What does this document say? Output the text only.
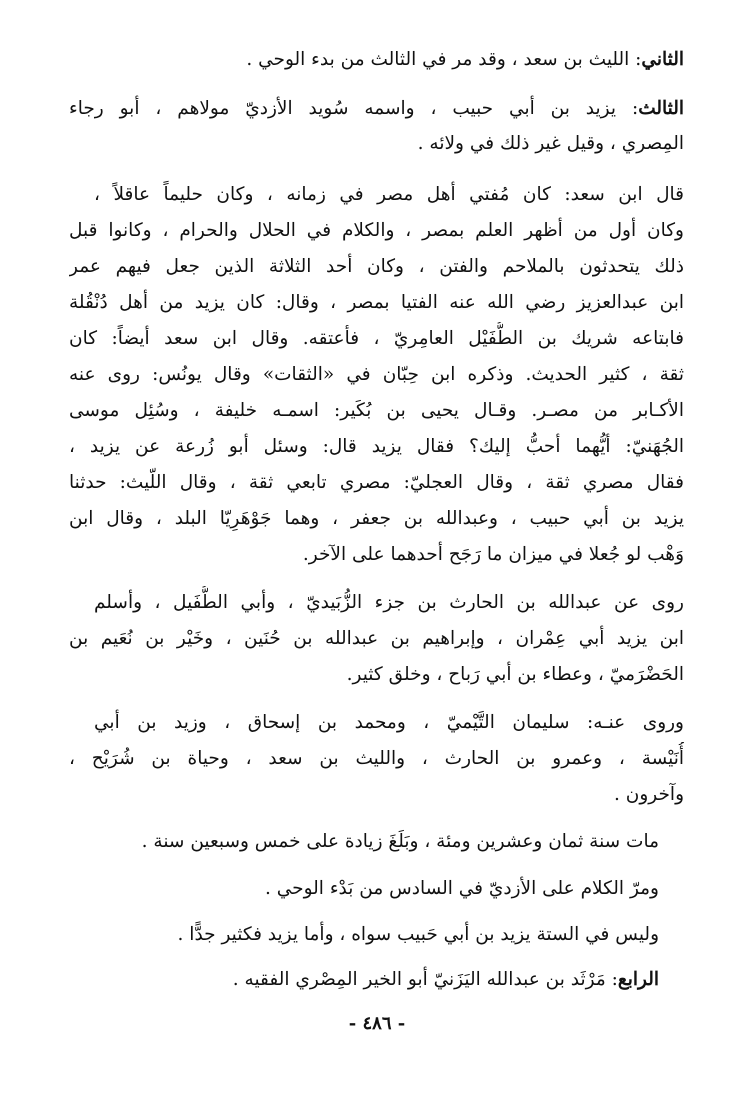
الثاني: الليث بن سعد ، وقد مر في الثالث من بدء الوحي .
الثالث: يزيد بن أبي حبيب ، واسمه سُويد الأزديّ مولاهم ، أبو رجاء
المِصري ، وقيل غير ذلك في ولائه .
قال ابن سعد: كان مُفتي أهل مصر في زمانه ، وكان حليماً عاقلاً ،
وكان أول من أظهر العلم بمصر ، والكلام في الحلال والحرام ، وكانوا قبل
ذلك يتحدثون بالملاحم والفتن ، وكان أحد الثلاثة الذين جعل فيهم عمر
ابن عبدالعزيز رضي الله عنه الفتيا بمصر ، وقال: كان يزيد من أهل دُنْقُلة
فابتاعه شريك بن الطُّفَيْل العامِريّ ، فأعتقه. وقال ابن سعد أيضاً: كان
ثقة ، كثير الحديث. وذكره ابن حِبّان في «الثقات» وقال يونُس: روى عنه
الأكـابر من مصـر. وقـال يحيى بن بُكَير: اسمـه خليفة ، وسُئِل موسى
الجُهَنيّ: أيُّهما أحبُّ إليك؟ فقال يزيد قال: وسئل أبو زُرعة عن يزيد ،
فقال مصري ثقة ، وقال العجليّ: مصري تابعي ثقة ، وقال اللّيث: حدثنا
يزيد بن أبي حبيب ، وعبدالله بن جعفر ، وهما جَوْهَرِيّا البلد ، وقال ابن
وَهْب لو جُعلا في ميزان ما رَجَح أحدهما على الآخر.
روى عن عبدالله بن الحارث بن جزء الزُّبَيديّ ، وأبي الطُّفَيل ، وأسلم
ابن يزيد أبي عِمْران ، وإبراهيم بن عبدالله بن حُنَين ، وخَيْر بن نُعَيم بن
الحَضْرَميّ ، وعطاء بن أبي رَباح ، وخلق كثير.
وروى عنـه: سليمان التَّيْميّ ، ومحمد بن إسحاق ، وزيد بن أبي
أُنَيْسة ، وعمرو بن الحارث ، والليث بن سعد ، وحياة بن شُرَيْح ،
وآخرون .
مات سنة ثمان وعشرين ومئة ، وبَلَغَ زيادة على خمس وسبعين سنة .
ومرّ الكلام على الأزديّ في السادس من بَدْء الوحي .
وليس في الستة يزيد بن أبي حَبيب سواه ، وأما يزيد فكثير جدًّا .
الرابع: مَرْثَد بن عبدالله اليَزَنيّ أبو الخير المِصْري الفقيه .
- ٤٨٦ -
